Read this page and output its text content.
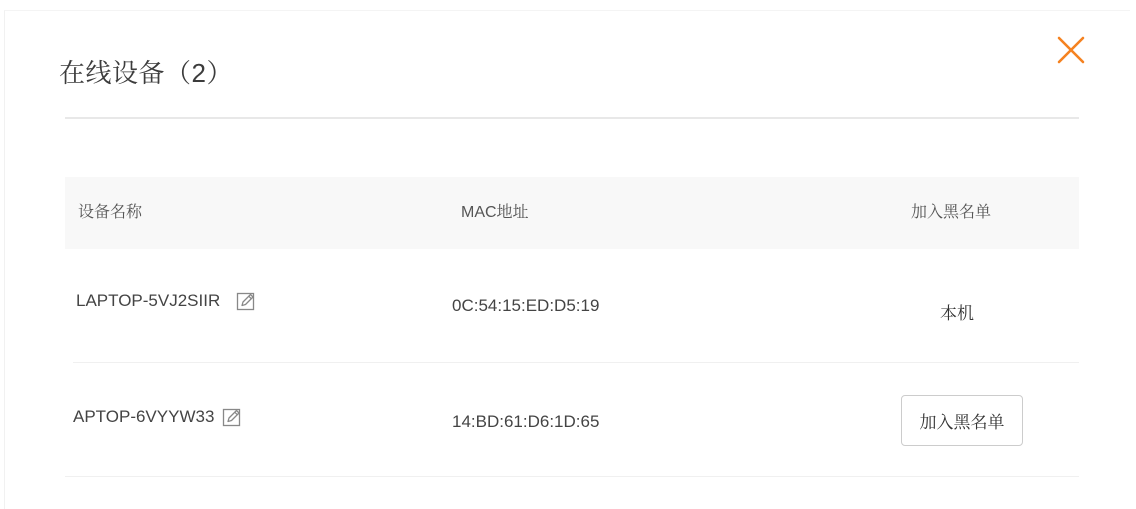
在线设备（2）
设备名称	MAC地址	加入黑名单
LAPTOP-5VJ2SIIR	0C:54:15:ED:D5:19	本机
APTOP-6VYYW33	14:BD:61:D6:1D:65	加入黑名单
